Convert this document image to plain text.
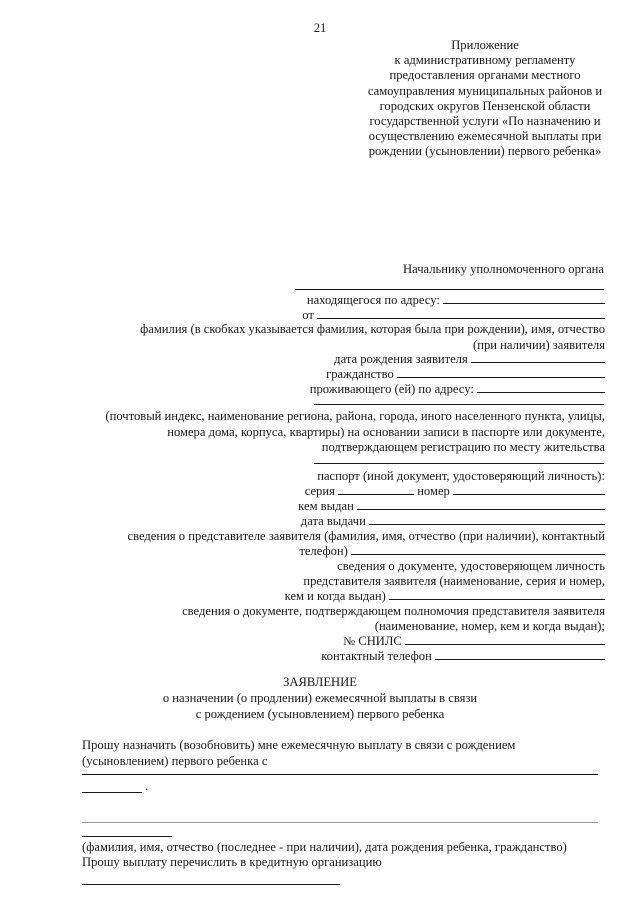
21
Приложение
к административному регламенту
предоставления органами местного
самоуправления муниципальных районов и
городских округов Пензенской области
государственной услуги «По назначению и
осуществлению ежемесячной выплаты при
рождении (усыновлении) первого ребенка»
Начальнику уполномоченного органа
находящегося по адресу:
от
фамилия (в скобках указывается фамилия, которая была при рождении), имя, отчество
(при наличии) заявителя
дата рождения заявителя
гражданство
проживающего (ей) по адресу:
(почтовый индекс, наименование региона, района, города, иного населенного пункта, улицы,
номера дома, корпуса, квартиры) на основании записи в паспорте или документе,
подтверждающем регистрацию по месту жительства
паспорт (иной документ, удостоверяющий личность):
серия	номер
кем выдан
дата выдачи
сведения о представителе заявителя (фамилия, имя, отчество (при наличии), контактный
телефон)
сведения о документе, удостоверяющем личность
представителя заявителя (наименование, серия и номер,
кем и когда выдан)
сведения о документе, подтверждающем полномочия представителя заявителя
(наименование, номер, кем и когда выдан);
№ СНИЛС
контактный телефон
ЗАЯВЛЕНИЕ
о назначении (о продлении) ежемесячной выплаты в связи
с рождением (усыновлением) первого ребенка
Прошу назначить (возобновить) мне ежемесячную выплату в связи с рождением
(усыновлением) первого ребенка с
.
(фамилия, имя, отчество (последнее - при наличии), дата рождения ребенка, гражданство)
Прошу выплату перечислить в кредитную организацию
